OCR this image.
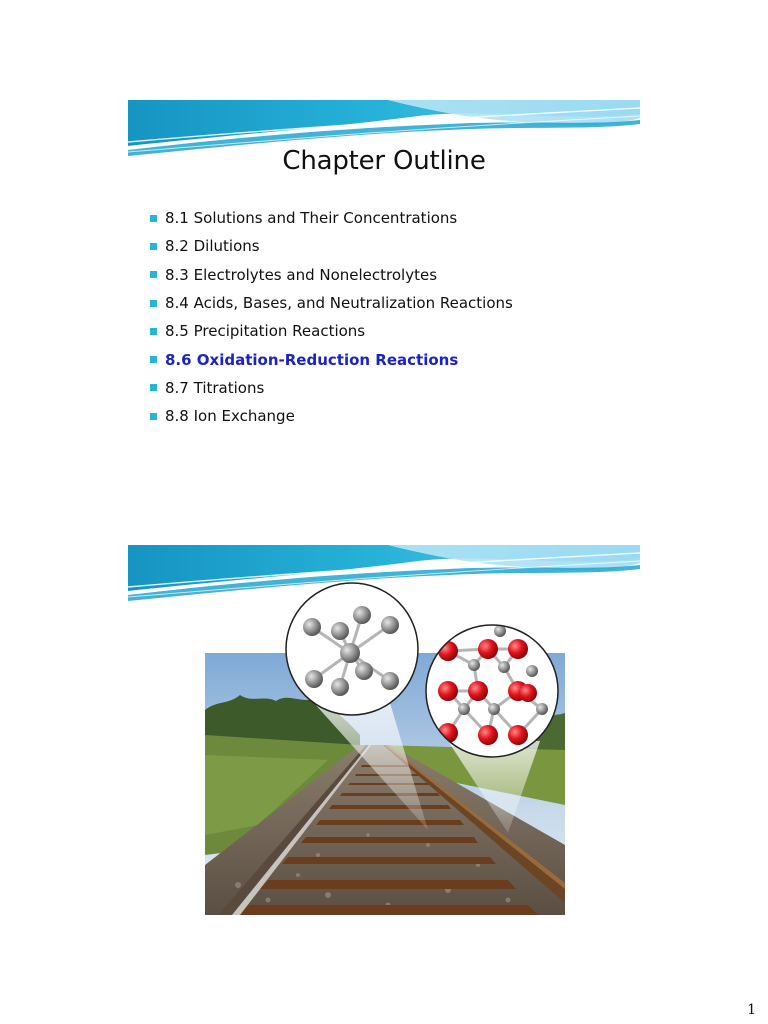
Chapter Outline
8.1 Solutions and Their Concentrations
8.2 Dilutions
8.3 Electrolytes and Nonelectrolytes
8.4 Acids, Bases, and Neutralization Reactions
8.5 Precipitation Reactions
8.6 Oxidation-Reduction Reactions
8.7 Titrations
8.8 Ion Exchange
1
